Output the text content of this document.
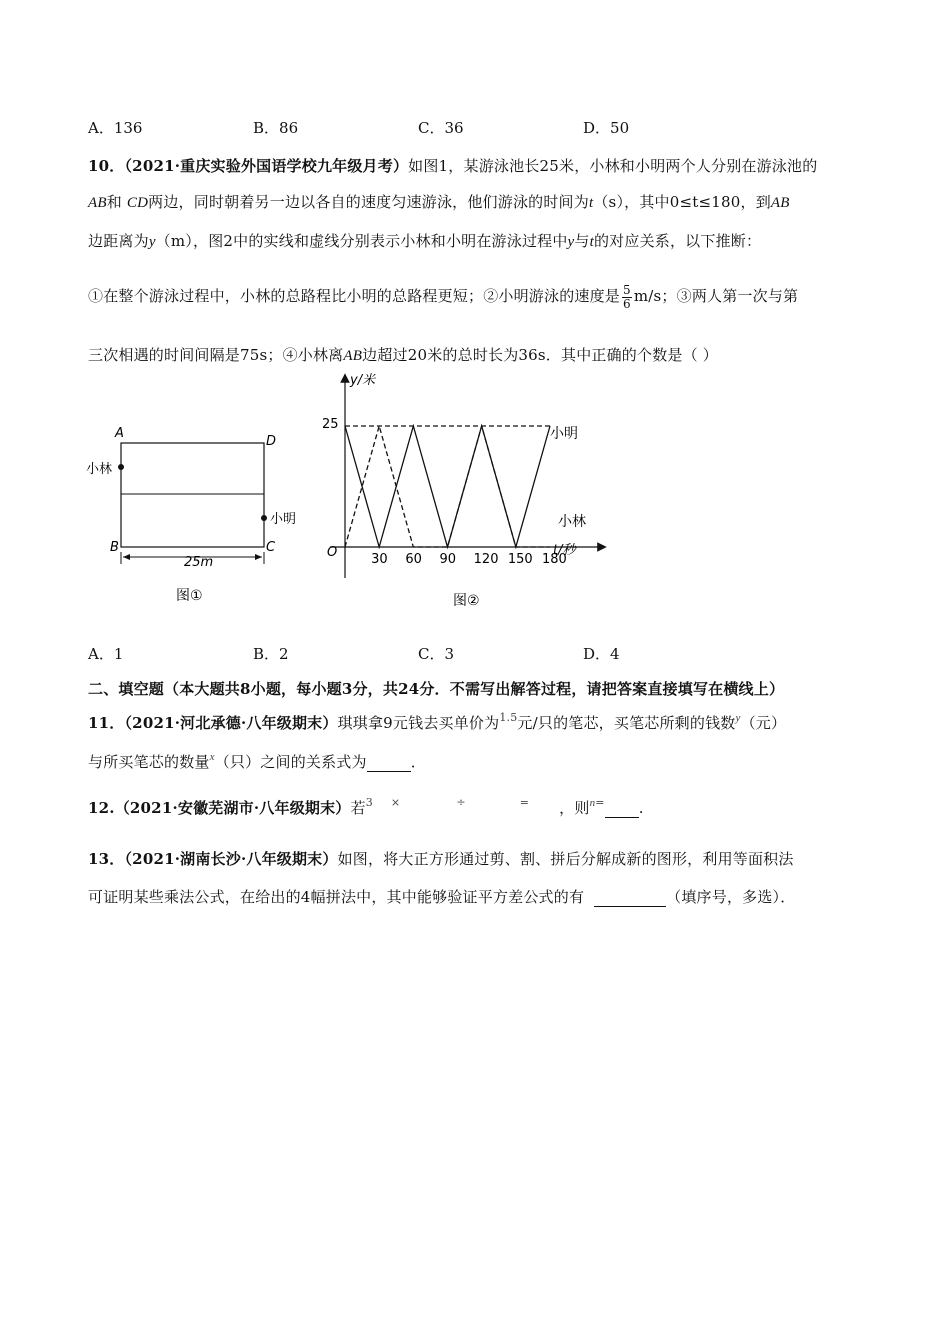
A．136	B．86	C．36	D．50
10．（2021·重庆实验外国语学校九年级月考）如图1，某游泳池长25米，小林和小明两个人分别在游泳池的
AB和 CD两边，同时朝着另一边以各自的速度匀速游泳，他们游泳的时间为t（s），其中0≤t≤180，到AB
边距离为y（m），图2中的实线和虚线分别表示小林和小明在游泳过程中y与t的对应关系，以下推断：
①在整个游泳过程中，小林的总路程比小明的总路程更短；②小明游泳的速度是 $\frac{5}{6} m/s$；③两人第一次与第
三次相遇的时间间隔是75s；④小林离AB边超过20米的总时长为36s．其中正确的个数是（ ）
A
D
B	C
小林
小明
25m
图①
y/米
t/秒
O
25
30 60 90 120 150 180
小明
小林
图②
A．1	B．2	C．3	D．4
二、填空题（本大题共8小题，每小题3分，共24分．不需写出解答过程，请把答案直接填写在横线上）
11．（2021·河北承德·八年级期末）琪琪拿9元钱去买单价为$^{1.5}$元/只的笔芯，买笔芯所剩的钱数$^y$（元）
与所买笔芯的数量$^x$（只）之间的关系式为	．
12.（2021·安徽芜湖市·八年级期末）若$^3$ ×	÷	= ，则$^{n=}$ .
13．（2021·湖南长沙·八年级期末）如图，将大正方形通过剪、割、拼后分解成新的图形，利用等面积法
可证明某些乘法公式，在给出的4幅拼法中，其中能够验证平方差公式的有	（填序号，多选）．
